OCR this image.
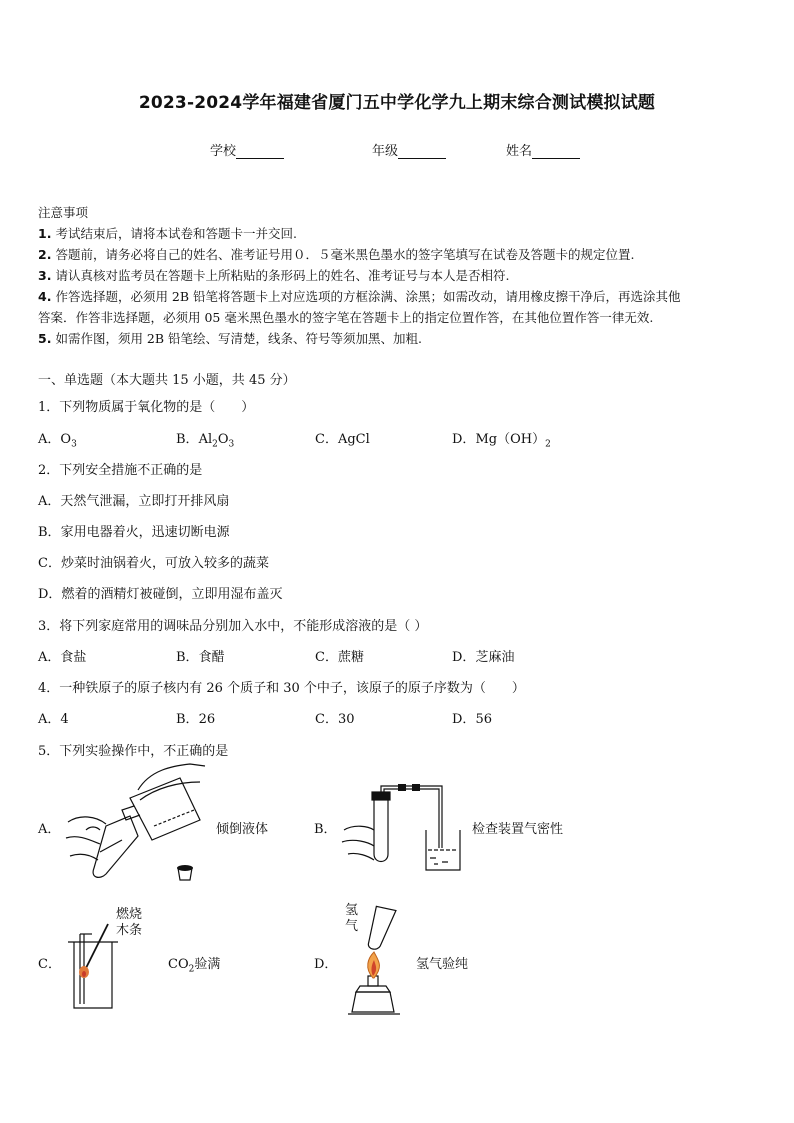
2023-2024学年福建省厦门五中学化学九上期末综合测试模拟试题
学校	年级	姓名
注意事项
1. 考试结束后，请将本试卷和答题卡一并交回.
2. 答题前，请务必将自己的姓名、准考证号用０．５毫米黑色墨水的签字笔填写在试卷及答题卡的规定位置.
3. 请认真核对监考员在答题卡上所粘贴的条形码上的姓名、准考证号与本人是否相符.
4. 作答选择题，必须用 2B 铅笔将答题卡上对应选项的方框涂满、涂黑；如需改动，请用橡皮擦干净后，再选涂其他
答案．作答非选择题，必须用 05 毫米黑色墨水的签字笔在答题卡上的指定位置作答，在其他位置作答一律无效.
5. 如需作图，须用 2B 铅笔绘、写清楚，线条、符号等须加黑、加粗.
一、单选题（本大题共 15 小题，共 45 分）
1．下列物质属于氧化物的是（　　）
A．$O_3$	B．$Al_2O_3$	C．AgCl	D．$Mg(OH)_2$
2．下列安全措施不正确的是
A．天然气泄漏，立即打开排风扇
B．家用电器着火，迅速切断电源
C．炒菜时油锅着火，可放入较多的蔬菜
D．燃着的酒精灯被碰倒，立即用湿布盖灭
3．将下列家庭常用的调味品分别加入水中，不能形成溶液的是（ ）
A．食盐	B．食醋	C．蔗糖	D．芝麻油
4．一种铁原子的原子核内有 26 个质子和 30 个中子，该原子的原子序数为（　　）
A．4	B．26	C．30	D．56
5．下列实验操作中，不正确的是
A．	倾倒液体	B．	检查装置气密性
C．
燃烧
木条
$CO_2$验满	D．
氢
气
氢气验纯
